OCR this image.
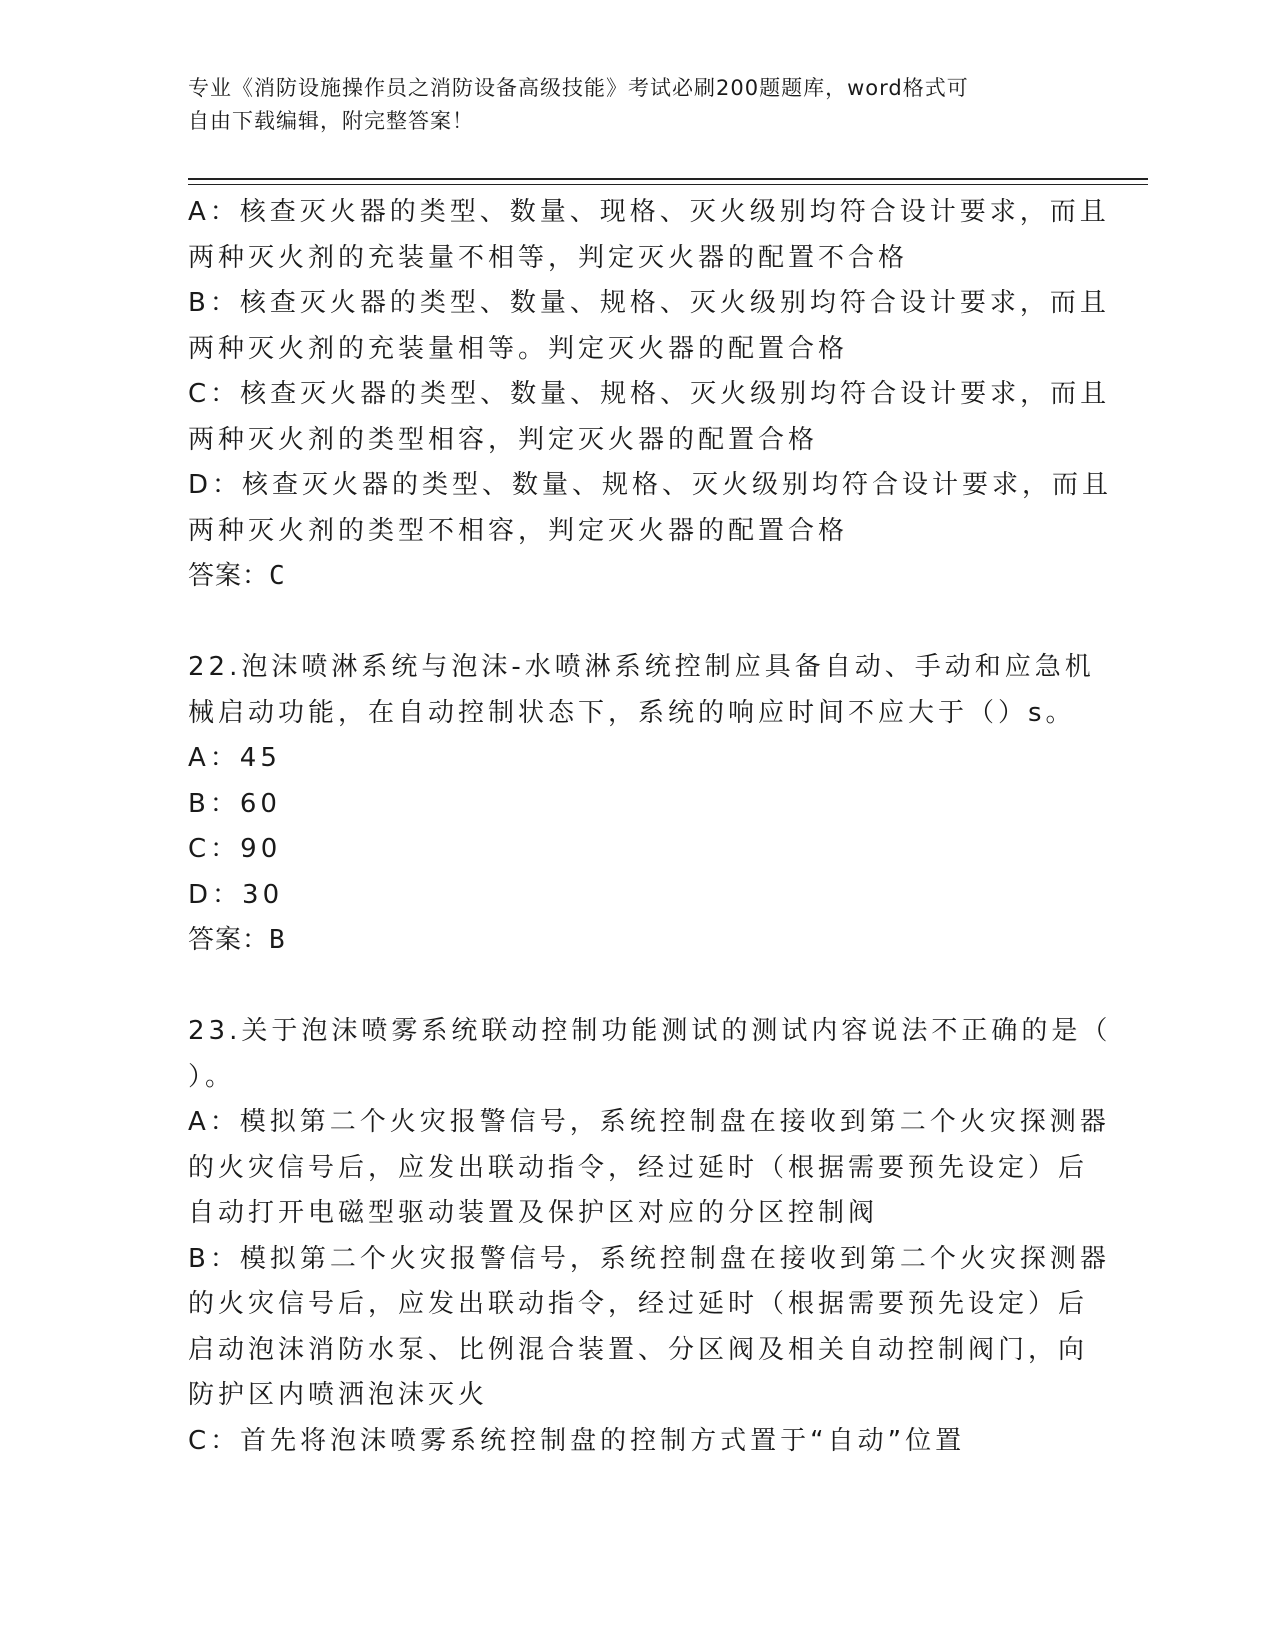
专业《消防设施操作员之消防设备高级技能》考试必刷200题题库，word格式可
自由下载编辑，附完整答案！
A：核查灭火器的类型、数量、现格、灭火级别均符合设计要求，而且
两种灭火剂的充装量不相等，判定灭火器的配置不合格
B：核查灭火器的类型、数量、规格、灭火级别均符合设计要求，而且
两种灭火剂的充装量相等。判定灭火器的配置合格
C：核查灭火器的类型、数量、规格、灭火级别均符合设计要求，而且
两种灭火剂的类型相容，判定灭火器的配置合格
D：核查灭火器的类型、数量、规格、灭火级别均符合设计要求，而且
两种灭火剂的类型不相容，判定灭火器的配置合格
答案：C
22.泡沫喷淋系统与泡沫-水喷淋系统控制应具备自动、手动和应急机
械启动功能，在自动控制状态下，系统的响应时间不应大于（）s。
A：45
B：60
C：90
D：30
答案：B
23.关于泡沫喷雾系统联动控制功能测试的测试内容说法不正确的是（
）。
A：模拟第二个火灾报警信号，系统控制盘在接收到第二个火灾探测器
的火灾信号后，应发出联动指令，经过延时（根据需要预先设定）后
自动打开电磁型驱动装置及保护区对应的分区控制阀
B：模拟第二个火灾报警信号，系统控制盘在接收到第二个火灾探测器
的火灾信号后，应发出联动指令，经过延时（根据需要预先设定）后
启动泡沫消防水泵、比例混合装置、分区阀及相关自动控制阀门，向
防护区内喷洒泡沫灭火
C：首先将泡沫喷雾系统控制盘的控制方式置于“自动”位置
